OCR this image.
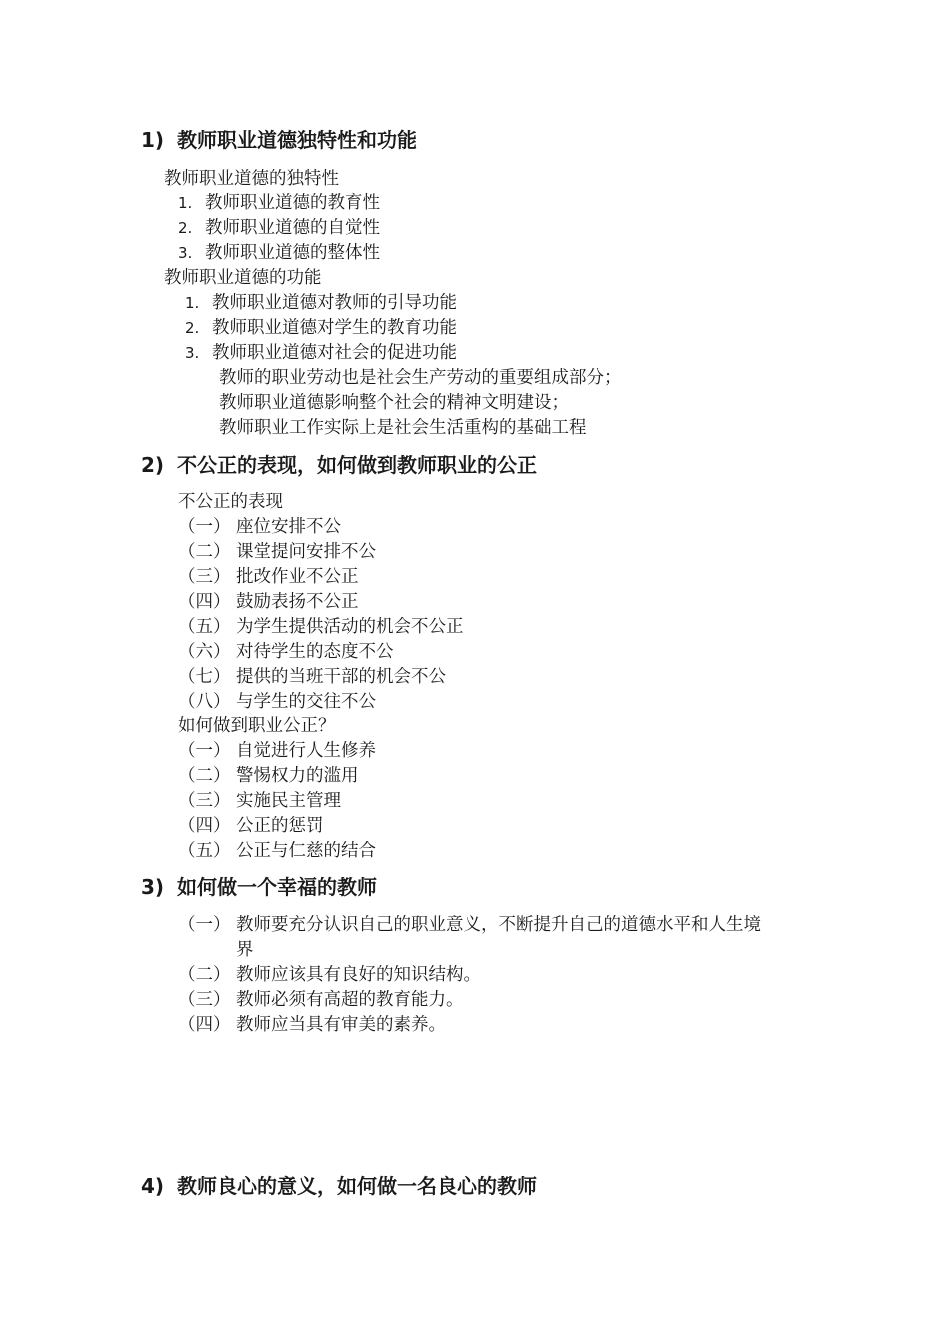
1) 教师职业道德独特性和功能
教师职业道德的独特性
1. 教师职业道德的教育性
2. 教师职业道德的自觉性
3. 教师职业道德的整体性
教师职业道德的功能
1. 教师职业道德对教师的引导功能
2. 教师职业道德对学生的教育功能
3. 教师职业道德对社会的促进功能
教师的职业劳动也是社会生产劳动的重要组成部分；
教师职业道德影响整个社会的精神文明建设；
教师职业工作实际上是社会生活重构的基础工程
2) 不公正的表现，如何做到教师职业的公正
不公正的表现
（一） 座位安排不公
（二） 课堂提问安排不公
（三） 批改作业不公正
（四） 鼓励表扬不公正
（五） 为学生提供活动的机会不公正
（六） 对待学生的态度不公
（七） 提供的当班干部的机会不公
（八） 与学生的交往不公
如何做到职业公正？
（一） 自觉进行人生修养
（二） 警惕权力的滥用
（三） 实施民主管理
（四） 公正的惩罚
（五） 公正与仁慈的结合
3) 如何做一个幸福的教师
（一） 教师要充分认识自己的职业意义，不断提升自己的道德水平和人生境
界
（二） 教师应该具有良好的知识结构。
（三） 教师必须有高超的教育能力。
（四） 教师应当具有审美的素养。
4) 教师良心的意义，如何做一名良心的教师
